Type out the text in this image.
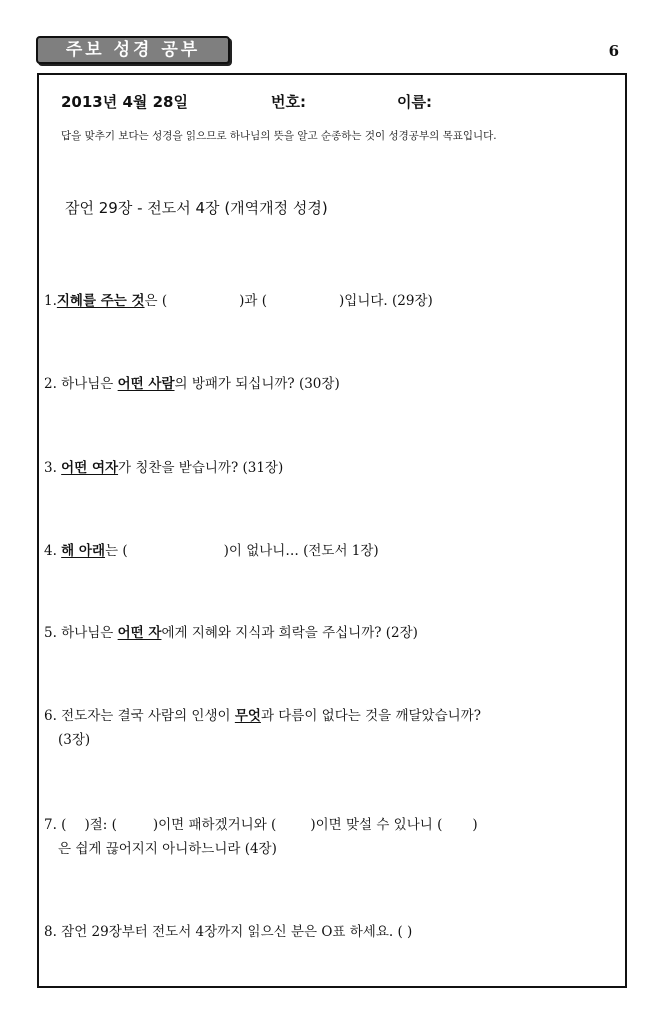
주보 성경 공부	6
2013년 4월 28일	번호:	이름:
답을 맞추기 보다는 성경을 읽으므로 하나님의 뜻을 알고 순종하는 것이 성경공부의 목표입니다.
잠언 29장 - 전도서 4장 (개역개정 성경)
1.지혜를 주는 것은 (	)과 (	)입니다. (29장)
2. 하나님은 어떤 사람의 방패가 되십니까? (30장)
3. 어떤 여자가 칭찬을 받습니까? (31장)
4. 해 아래는 (	)이 없나니… (전도서 1장)
5. 하나님은 어떤 자에게 지혜와 지식과 희락을 주십니까? (2장)
6. 전도자는 결국 사람의 인생이 무엇과 다름이 없다는 것을 깨달았습니까?
(3장)
7. ( )절: (	)이면 패하겠거니와 (	)이면 맞설 수 있나니 ( )
은 쉽게 끊어지지 아니하느니라 (4장)
8. 잠언 29장부터 전도서 4장까지 읽으신 분은 O표 하세요. ( )
